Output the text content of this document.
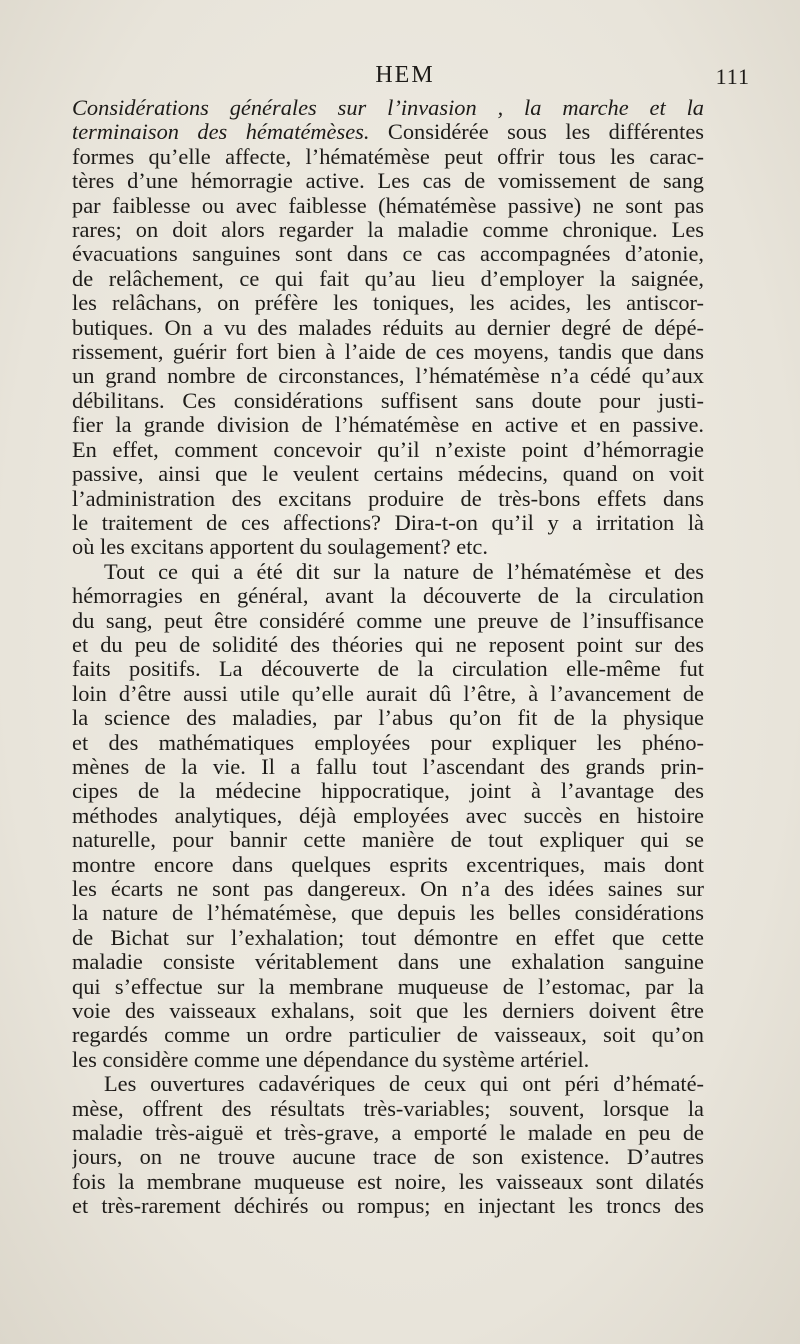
HEM	111
Considérations générales sur l’invasion , la marche et la
terminaison des hématémèses. Considérée sous les différentes
formes qu’elle affecte, l’hématémèse peut offrir tous les carac-
tères d’une hémorragie active. Les cas de vomissement de sang
par faiblesse ou avec faiblesse (hématémèse passive) ne sont pas
rares; on doit alors regarder la maladie comme chronique. Les
évacuations sanguines sont dans ce cas accompagnées d’atonie,
de relâchement, ce qui fait qu’au lieu d’employer la saignée,
les relâchans, on préfère les toniques, les acides, les antiscor-
butiques. On a vu des malades réduits au dernier degré de dépé-
rissement, guérir fort bien à l’aide de ces moyens, tandis que dans
un grand nombre de circonstances, l’hématémèse n’a cédé qu’aux
débilitans. Ces considérations suffisent sans doute pour justi-
fier la grande division de l’hématémèse en active et en passive.
En effet, comment concevoir qu’il n’existe point d’hémorragie
passive, ainsi que le veulent certains médecins, quand on voit
l’administration des excitans produire de très-bons effets dans
le traitement de ces affections? Dira-t-on qu’il y a irritation là
où les excitans apportent du soulagement? etc.
Tout ce qui a été dit sur la nature de l’hématémèse et des
hémorragies en général, avant la découverte de la circulation
du sang, peut être considéré comme une preuve de l’insuffisance
et du peu de solidité des théories qui ne reposent point sur des
faits positifs. La découverte de la circulation elle-même fut
loin d’être aussi utile qu’elle aurait dû l’être, à l’avancement de
la science des maladies, par l’abus qu’on fit de la physique
et des mathématiques employées pour expliquer les phéno-
mènes de la vie. Il a fallu tout l’ascendant des grands prin-
cipes de la médecine hippocratique, joint à l’avantage des
méthodes analytiques, déjà employées avec succès en histoire
naturelle, pour bannir cette manière de tout expliquer qui se
montre encore dans quelques esprits excentriques, mais dont
les écarts ne sont pas dangereux. On n’a des idées saines sur
la nature de l’hématémèse, que depuis les belles considérations
de Bichat sur l’exhalation; tout démontre en effet que cette
maladie consiste véritablement dans une exhalation sanguine
qui s’effectue sur la membrane muqueuse de l’estomac, par la
voie des vaisseaux exhalans, soit que les derniers doivent être
regardés comme un ordre particulier de vaisseaux, soit qu’on
les considère comme une dépendance du système artériel.
Les ouvertures cadavériques de ceux qui ont péri d’hématé-
mèse, offrent des résultats très-variables; souvent, lorsque la
maladie très-aiguë et très-grave, a emporté le malade en peu de
jours, on ne trouve aucune trace de son existence. D’autres
fois la membrane muqueuse est noire, les vaisseaux sont dilatés
et très-rarement déchirés ou rompus; en injectant les troncs des
